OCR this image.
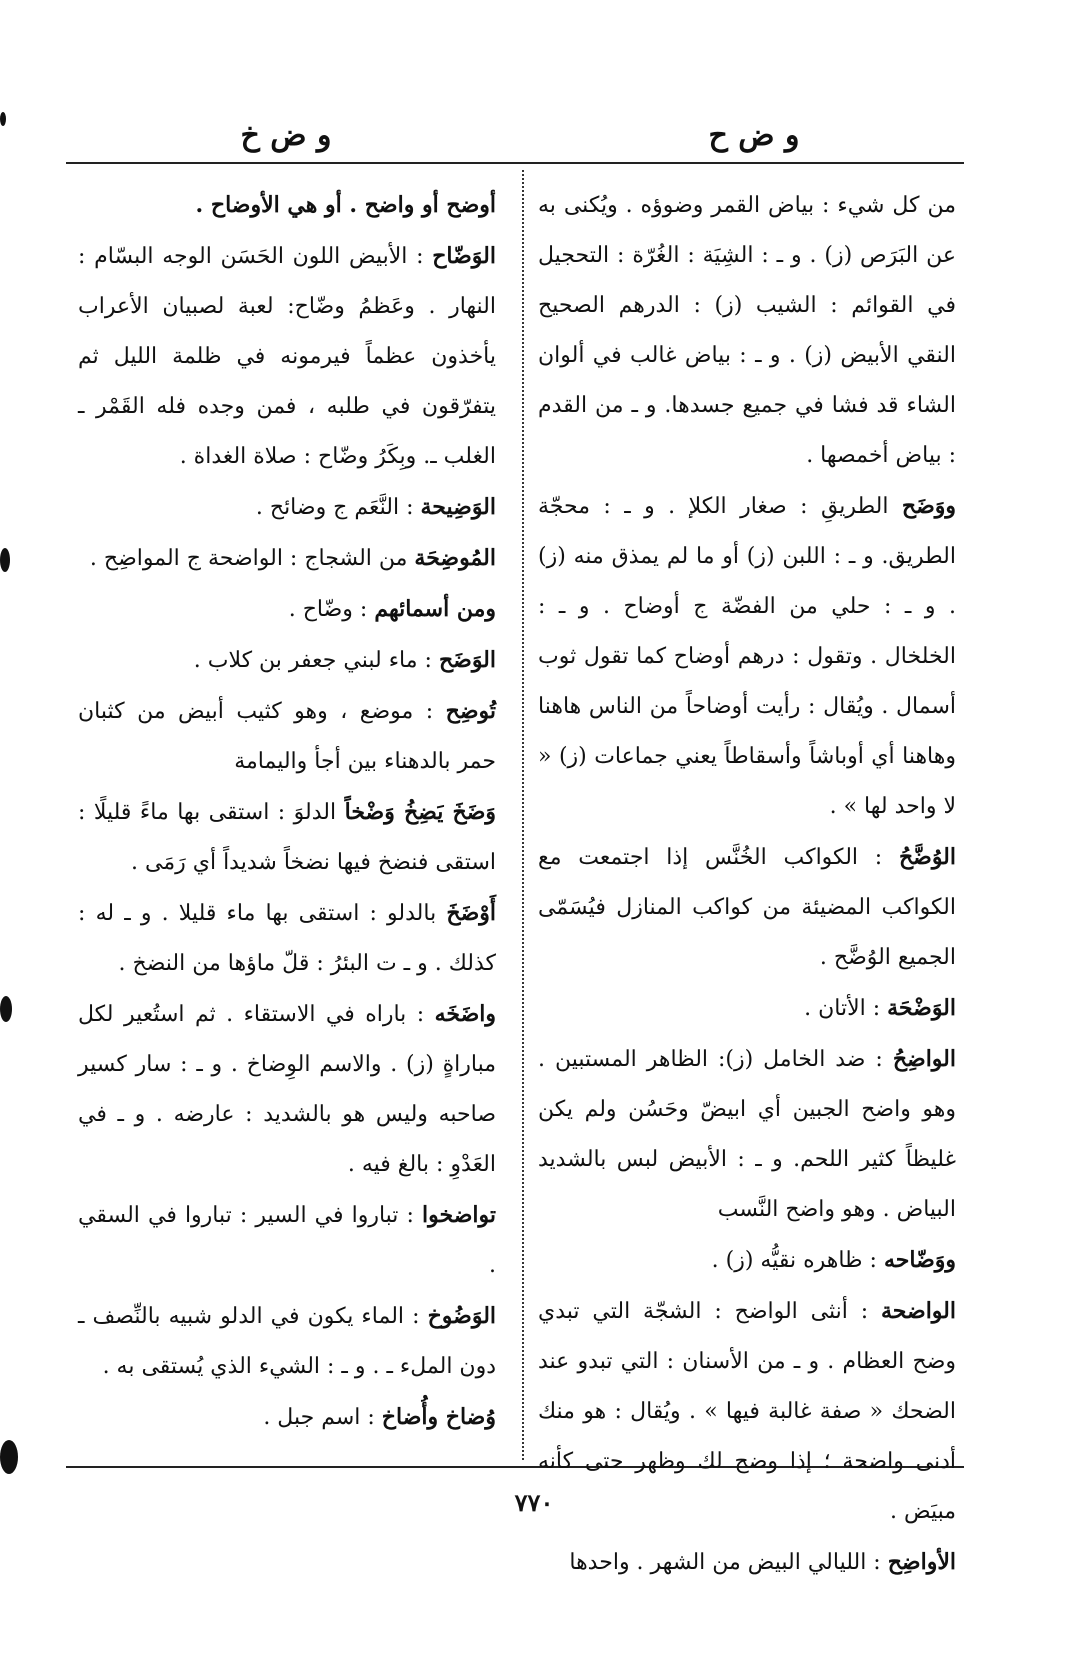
و ض ح
و ض خ

من كل شيء : بياض القمر وضوؤه . ويُكنى به عن البَرَص (ز) . و ـ : الشِيَة : الغُرّة : التحجيل في القوائم : الشيب (ز) : الدرهم الصحيح النقي الأبيض (ز) . و ـ : بياض غالب في ألوان الشاء قد فشا في جميع جسدها. و ـ من القدم : بياض أخمصها .

ووَضَح الطريقِ : صغار الكلإ . و ـ : محجّة الطريق. و ـ : اللبن (ز) أو ما لم يمذق منه (ز) . و ـ : حلي من الفضّة ج أوضاح . و ـ : الخلخال . وتقول : درهم أوضاح كما تقول ثوب أسمال . ويُقال : رأيت أوضاحاً من الناس هاهنا وهاهنا أي أوباشاً وأسقاطاً يعني جماعات (ز) « لا واحد لها » .

الوُضَّحُ : الكواكب الخُنَّس إذا اجتمعت مع الكواكب المضيئة من كواكب المنازل فيُسَمّى الجميع الوُضَّح .

الوَضْحَة : الأتان .

الواضِحُ : ضد الخامل (ز): الظاهر المستبين . وهو واضح الجبين أي ابيضّ وحَسُن ولم يكن غليظاً كثير اللحم. و ـ : الأبيض لبس بالشديد البياض . وهو واضح النَّسب

ووَضّاحه : ظاهره نقيُّه (ز) .

الواضحة : أنثى الواضح : الشجّة التي تبدي وضح العظام . و ـ من الأسنان : التي تبدو عند الضحك « صفة غالبة فيها » . ويُقال : هو منك أدنى واضحة ؛ إذا وضح لك وظهر حتى كأنه مبيَض .

الأواضِح : الليالي البيض من الشهر . واحدها

أوضح أو واضح . أو هي الأوضاح .

الوَضّاح : الأبيض اللون الحَسَن الوجه البسّام : النهار . وعَظمُ وضّاح: لعبة لصبيان الأعراب يأخذون عظماً فيرمونه في ظلمة الليل ثم يتفرّقون في طلبه ، فمن وجده فله القَمْر ـ الغلب ـ. وبِكَرُ وضّاح : صلاة الغداة .

الوَضِيحة : النَّعَم ج وضائح .

المُوضِحَة من الشجاج : الواضحة ج المواضِح .

ومن أسمائهم : وضّاح .

الوَضَح : ماء لبني جعفر بن كلاب .

تُوضِح : موضع ، وهو كثيب أبيض من كثبان حمر بالدهناء بين أجأ واليمامة

وَضَخَ يَضِخُ وَضْخاً الدلوَ : استقى بها ماءً قليلًا : استقى فنضخ فيها نضخاً شديداً أي رَمَى .

أَوْضَخَ بالدلو : استقى بها ماء قليلا . و ـ له : كذلك . و ـ ت البئرُ : قلّ ماؤها من النضخ .

واضَخَه : باراه في الاستقاء . ثم استُعير لكل مباراةٍ (ز) . والاسم الوِضاخ . و ـ : سار كسير صاحبه وليس هو بالشديد : عارضه . و ـ في العَدْوِ : بالغ فيه .

تواضخوا : تباروا في السير : تباروا في السقي .

الوَضُوخ : الماء يكون في الدلو شبيه بالنِّصف ـ دون الملء ـ . و ـ : الشيء الذي يُستقى به .

وُضاخ وأُضاخ : اسم جبل .

٧٧٠
